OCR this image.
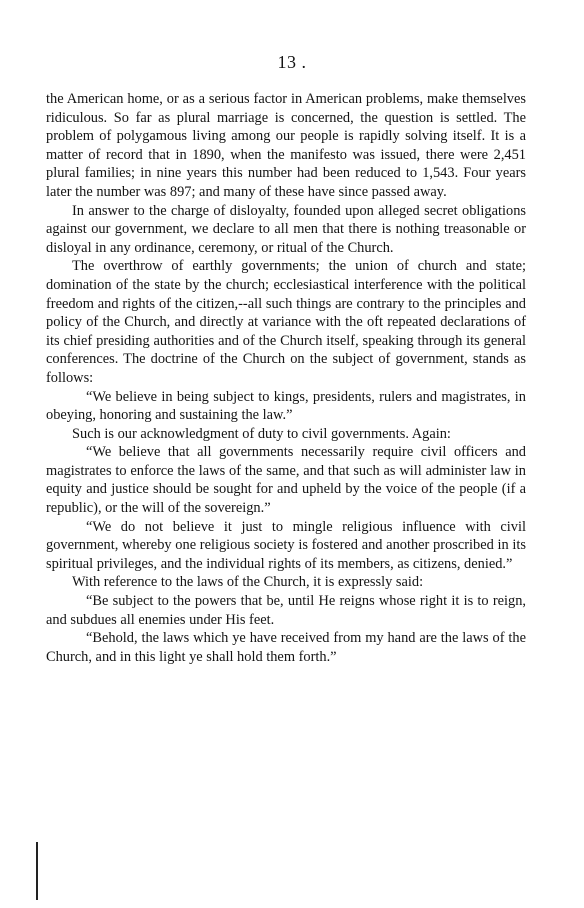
13 .

the American home, or as a serious factor in American problems, make themselves ridiculous. So far as plural marriage is concerned, the question is settled. The problem of polygamous living among our people is rapidly solving itself. It is a matter of record that in 1890, when the manifesto was issued, there were 2,451 plural families; in nine years this number had been reduced to 1,543. Four years later the number was 897; and many of these have since passed away.

In answer to the charge of disloyalty, founded upon alleged secret obligations against our government, we declare to all men that there is nothing treasonable or disloyal in any ordinance, ceremony, or ritual of the Church.

The overthrow of earthly governments; the union of church and state; domination of the state by the church; ecclesiastical interference with the political freedom and rights of the citizen,--all such things are contrary to the principles and policy of the Church, and directly at variance with the oft repeated declarations of its chief presiding authorities and of the Church itself, speaking through its general conferences. The doctrine of the Church on the subject of government, stands as follows:

“We believe in being subject to kings, presidents, rulers and magistrates, in obeying, honoring and sustaining the law.”

Such is our acknowledgment of duty to civil governments. Again:

“We believe that all governments necessarily require civil officers and magistrates to enforce the laws of the same, and that such as will administer law in equity and justice should be sought for and upheld by the voice of the people (if a republic), or the will of the sovereign.”

“We do not believe it just to mingle religious influence with civil government, whereby one religious society is fostered and another proscribed in its spiritual privileges, and the individual rights of its members, as citizens, denied.”

With reference to the laws of the Church, it is expressly said:

“Be subject to the powers that be, until He reigns whose right it is to reign, and subdues all enemies under His feet.

“Behold, the laws which ye have received from my hand are the laws of the Church, and in this light ye shall hold them forth.”
